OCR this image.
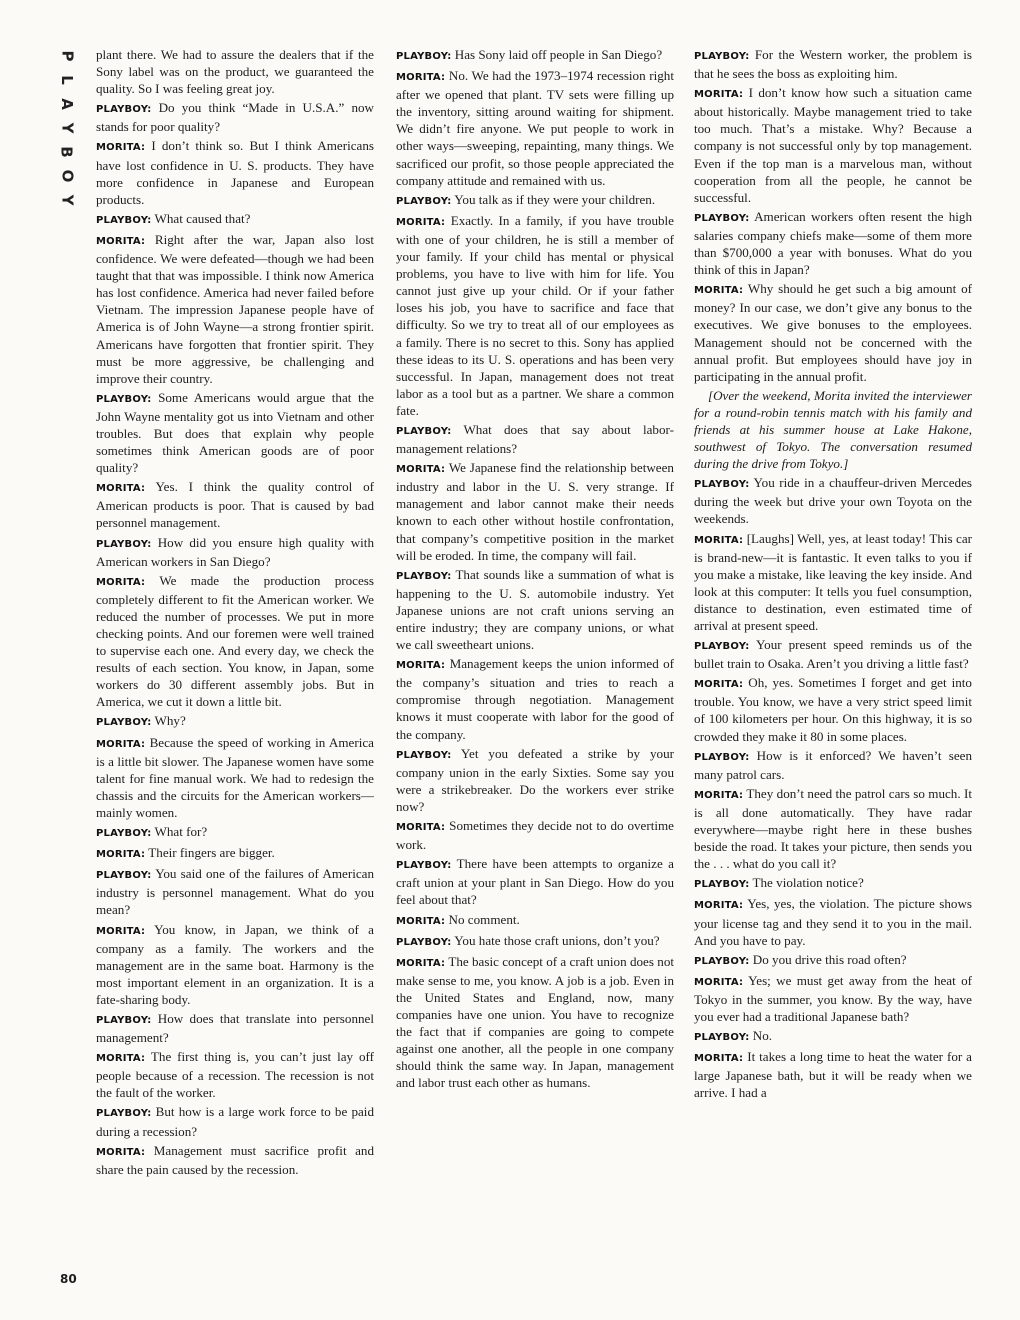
P
L
A
Y
B
O
Y

plant there. We had to assure the dealers that if the Sony label was on the product, we guaranteed the quality. So I was feeling great joy.

PLAYBOY: Do you think “Made in U.S.A.” now stands for poor quality?

MORITA: I don’t think so. But I think Americans have lost confidence in U. S. products. They have more confidence in Japanese and European products.

PLAYBOY: What caused that?

MORITA: Right after the war, Japan also lost confidence. We were defeated—though we had been taught that that was impossible. I think now America has lost confidence. America had never failed before Vietnam. The impression Japanese people have of America is of John Wayne—a strong frontier spirit. Americans have forgotten that frontier spirit. They must be more aggressive, be challenging and improve their country.

PLAYBOY: Some Americans would argue that the John Wayne mentality got us into Vietnam and other troubles. But does that explain why people sometimes think American goods are of poor quality?

MORITA: Yes. I think the quality control of American products is poor. That is caused by bad personnel management.

PLAYBOY: How did you ensure high quality with American workers in San Diego?

MORITA: We made the production process completely different to fit the American worker. We reduced the number of processes. We put in more checking points. And our foremen were well trained to supervise each one. And every day, we check the results of each section. You know, in Japan, some workers do 30 different assembly jobs. But in America, we cut it down a little bit.

PLAYBOY: Why?

MORITA: Because the speed of working in America is a little bit slower. The Japanese women have some talent for fine manual work. We had to redesign the chassis and the circuits for the American workers—mainly women.

PLAYBOY: What for?

MORITA: Their fingers are bigger.

PLAYBOY: You said one of the failures of American industry is personnel management. What do you mean?

MORITA: You know, in Japan, we think of a company as a family. The workers and the management are in the same boat. Harmony is the most important element in an organization. It is a fate-sharing body.

PLAYBOY: How does that translate into personnel management?

MORITA: The first thing is, you can’t just lay off people because of a recession. The recession is not the fault of the worker.

PLAYBOY: But how is a large work force to be paid during a recession?

MORITA: Management must sacrifice profit and share the pain caused by the recession.

PLAYBOY: Has Sony laid off people in San Diego?

MORITA: No. We had the 1973–1974 recession right after we opened that plant. TV sets were filling up the inventory, sitting around waiting for shipment. We didn’t fire anyone. We put people to work in other ways—sweeping, repainting, many things. We sacrificed our profit, so those people appreciated the company attitude and remained with us.

PLAYBOY: You talk as if they were your children.

MORITA: Exactly. In a family, if you have trouble with one of your children, he is still a member of your family. If your child has mental or physical problems, you have to live with him for life. You cannot just give up your child. Or if your father loses his job, you have to sacrifice and face that difficulty. So we try to treat all of our employees as a family. There is no secret to this. Sony has applied these ideas to its U. S. operations and has been very successful. In Japan, management does not treat labor as a tool but as a partner. We share a common fate.

PLAYBOY: What does that say about labor-management relations?

MORITA: We Japanese find the relationship between industry and labor in the U. S. very strange. If management and labor cannot make their needs known to each other without hostile confrontation, that company’s competitive position in the market will be eroded. In time, the company will fail.

PLAYBOY: That sounds like a summation of what is happening to the U. S. automobile industry. Yet Japanese unions are not craft unions serving an entire industry; they are company unions, or what we call sweetheart unions.

MORITA: Management keeps the union informed of the company’s situation and tries to reach a compromise through negotiation. Management knows it must cooperate with labor for the good of the company.

PLAYBOY: Yet you defeated a strike by your company union in the early Sixties. Some say you were a strikebreaker. Do the workers ever strike now?

MORITA: Sometimes they decide not to do overtime work.

PLAYBOY: There have been attempts to organize a craft union at your plant in San Diego. How do you feel about that?

MORITA: No comment.

PLAYBOY: You hate those craft unions, don’t you?

MORITA: The basic concept of a craft union does not make sense to me, you know. A job is a job. Even in the United States and England, now, many companies have one union. You have to recognize the fact that if companies are going to compete against one another, all the people in one company should think the same way. In Japan, management and labor trust each other as humans.

PLAYBOY: For the Western worker, the problem is that he sees the boss as exploiting him.

MORITA: I don’t know how such a situation came about historically. Maybe management tried to take too much. That’s a mistake. Why? Because a company is not successful only by top management. Even if the top man is a marvelous man, without cooperation from all the people, he cannot be successful.

PLAYBOY: American workers often resent the high salaries company chiefs make—some of them more than $700,000 a year with bonuses. What do you think of this in Japan?

MORITA: Why should he get such a big amount of money? In our case, we don’t give any bonus to the executives. We give bonuses to the employees. Management should not be concerned with the annual profit. But employees should have joy in participating in the annual profit.

[Over the weekend, Morita invited the interviewer for a round-robin tennis match with his family and friends at his summer house at Lake Hakone, southwest of Tokyo. The conversation resumed during the drive from Tokyo.]

PLAYBOY: You ride in a chauffeur-driven Mercedes during the week but drive your own Toyota on the weekends.

MORITA: [Laughs] Well, yes, at least today! This car is brand-new—it is fantastic. It even talks to you if you make a mistake, like leaving the key inside. And look at this computer: It tells you fuel consumption, distance to destination, even estimated time of arrival at present speed.

PLAYBOY: Your present speed reminds us of the bullet train to Osaka. Aren’t you driving a little fast?

MORITA: Oh, yes. Sometimes I forget and get into trouble. You know, we have a very strict speed limit of 100 kilometers per hour. On this highway, it is so crowded they make it 80 in some places.

PLAYBOY: How is it enforced? We haven’t seen many patrol cars.

MORITA: They don’t need the patrol cars so much. It is all done automatically. They have radar everywhere—maybe right here in these bushes beside the road. It takes your picture, then sends you the . . . what do you call it?

PLAYBOY: The violation notice?

MORITA: Yes, yes, the violation. The picture shows your license tag and they send it to you in the mail. And you have to pay.

PLAYBOY: Do you drive this road often?

MORITA: Yes; we must get away from the heat of Tokyo in the summer, you know. By the way, have you ever had a traditional Japanese bath?

PLAYBOY: No.

MORITA: It takes a long time to heat the water for a large Japanese bath, but it will be ready when we arrive. I had a

80
